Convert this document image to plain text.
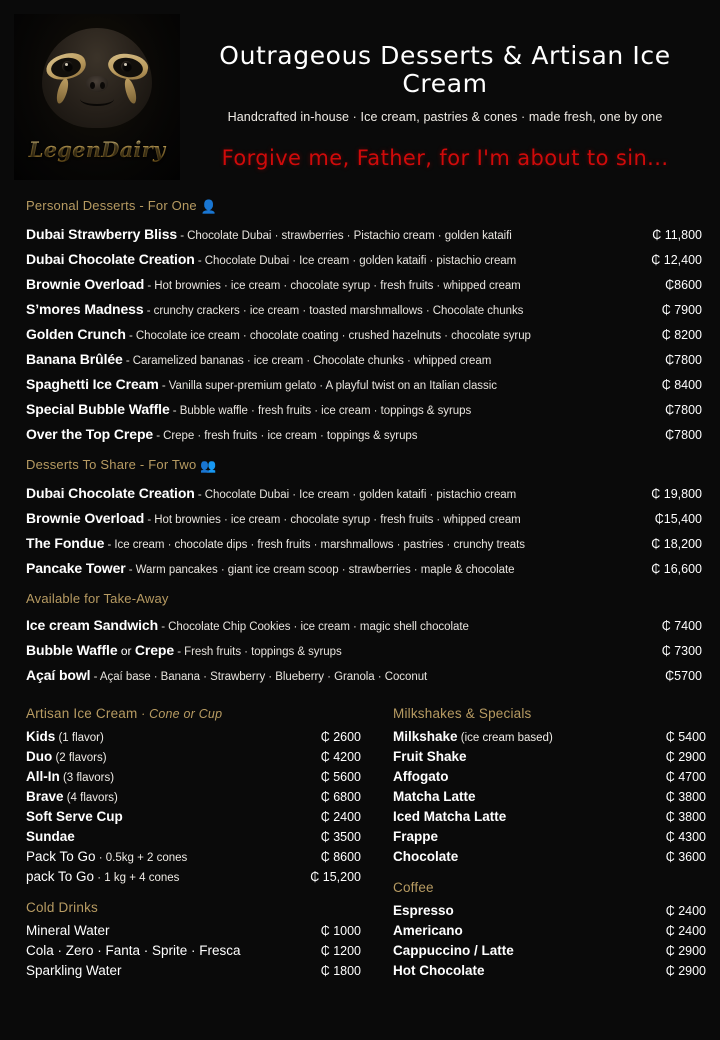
LegenDairy
Outrageous Desserts & Artisan Ice Cream
Handcrafted in-house · Ice cream, pastries & cones · made fresh, one by one
Forgive me, Father, for I'm about to sin...
Personal Desserts - For One 👤
Dubai Strawberry Bliss - Chocolate Dubai · strawberries · Pistachio cream · golden kataifi	₵ 11,800
Dubai Chocolate Creation - Chocolate Dubai · Ice cream · golden kataifi · pistachio cream	₵ 12,400
Brownie Overload - Hot brownies · ice cream · chocolate syrup · fresh fruits · whipped cream	₵8600
S’mores Madness - crunchy crackers · ice cream · toasted marshmallows · Chocolate chunks	₵ 7900
Golden Crunch - Chocolate ice cream · chocolate coating · crushed hazelnuts · chocolate syrup	₵ 8200
Banana Brûlée - Caramelized bananas · ice cream · Chocolate chunks · whipped cream	₵7800
Spaghetti Ice Cream - Vanilla super-premium gelato · A playful twist on an Italian classic	₵ 8400
Special Bubble Waffle - Bubble waffle · fresh fruits · ice cream · toppings & syrups	₵7800
Over the Top Crepe - Crepe · fresh fruits · ice cream · toppings & syrups	₵7800
Desserts To Share - For Two 👥
Dubai Chocolate Creation - Chocolate Dubai · Ice cream · golden kataifi · pistachio cream	₵ 19,800
Brownie Overload - Hot brownies · ice cream · chocolate syrup · fresh fruits · whipped cream	₵15,400
The Fondue - Ice cream · chocolate dips · fresh fruits · marshmallows · pastries · crunchy treats	₵ 18,200
Pancake Tower - Warm pancakes · giant ice cream scoop · strawberries · maple & chocolate	₵ 16,600
Available for Take-Away
Ice cream Sandwich - Chocolate Chip Cookies · ice cream · magic shell chocolate	₵ 7400
Bubble Waffle or Crepe - Fresh fruits · toppings & syrups	₵ 7300
Açaí bowl - Açaí base · Banana · Strawberry · Blueberry · Granola · Coconut	₵5700
Artisan Ice Cream · Cone or Cup
Kids (1 flavor)	₵ 2600
Duo (2 flavors)	₵ 4200
All-In (3 flavors)	₵ 5600
Brave (4 flavors)	₵ 6800
Soft Serve Cup	₵ 2400
Sundae	₵ 3500
Pack To Go · 0.5kg + 2 cones	₵ 8600
pack To Go · 1 kg + 4 cones	₵ 15,200
Cold Drinks
Mineral Water	₵ 1000
Cola · Zero · Fanta · Sprite · Fresca	₵ 1200
Sparkling Water	₵ 1800
Milkshakes & Specials
Milkshake (ice cream based)	₵ 5400
Fruit Shake	₵ 2900
Affogato	₵ 4700
Matcha Latte	₵ 3800
Iced Matcha Latte	₵ 3800
Frappe	₵ 4300
Chocolate	₵ 3600
Coffee
Espresso	₵ 2400
Americano	₵ 2400
Cappuccino / Latte	₵ 2900
Hot Chocolate	₵ 2900
